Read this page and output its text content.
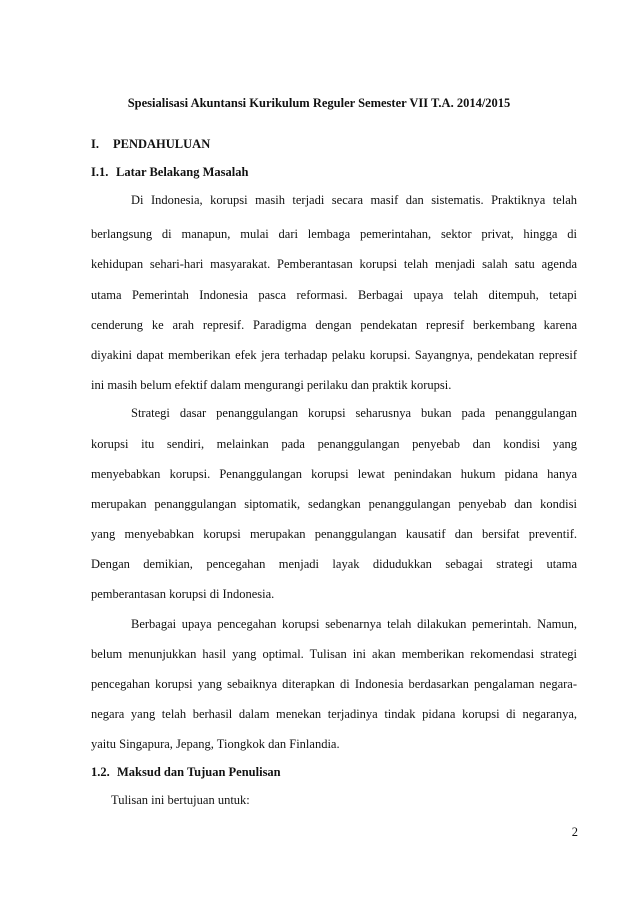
Spesialisasi Akuntansi Kurikulum Reguler Semester VII T.A. 2014/2015
I. PENDAHULUAN
I.1. Latar Belakang Masalah
Di Indonesia, korupsi masih terjadi secara masif dan sistematis. Praktiknya telah
berlangsung di manapun, mulai dari lembaga pemerintahan, sektor privat, hingga di
kehidupan sehari-hari masyarakat. Pemberantasan korupsi telah menjadi salah satu agenda
utama Pemerintah Indonesia pasca reformasi. Berbagai upaya telah ditempuh, tetapi
cenderung ke arah represif. Paradigma dengan pendekatan represif berkembang karena
diyakini dapat memberikan efek jera terhadap pelaku korupsi. Sayangnya, pendekatan represif
ini masih belum efektif dalam mengurangi perilaku dan praktik korupsi.
Strategi dasar penanggulangan korupsi seharusnya bukan pada penanggulangan
korupsi itu sendiri, melainkan pada penanggulangan penyebab dan kondisi yang
menyebabkan korupsi. Penanggulangan korupsi lewat penindakan hukum pidana hanya
merupakan penanggulangan siptomatik, sedangkan penanggulangan penyebab dan kondisi
yang menyebabkan korupsi merupakan penanggulangan kausatif dan bersifat preventif.
Dengan demikian, pencegahan menjadi layak didudukkan sebagai strategi utama
pemberantasan korupsi di Indonesia.
Berbagai upaya pencegahan korupsi sebenarnya telah dilakukan pemerintah. Namun,
belum menunjukkan hasil yang optimal. Tulisan ini akan memberikan rekomendasi strategi
pencegahan korupsi yang sebaiknya diterapkan di Indonesia berdasarkan pengalaman negara-
negara yang telah berhasil dalam menekan terjadinya tindak pidana korupsi di negaranya,
yaitu Singapura, Jepang, Tiongkok dan Finlandia.
1.2. Maksud dan Tujuan Penulisan
Tulisan ini bertujuan untuk:
2
